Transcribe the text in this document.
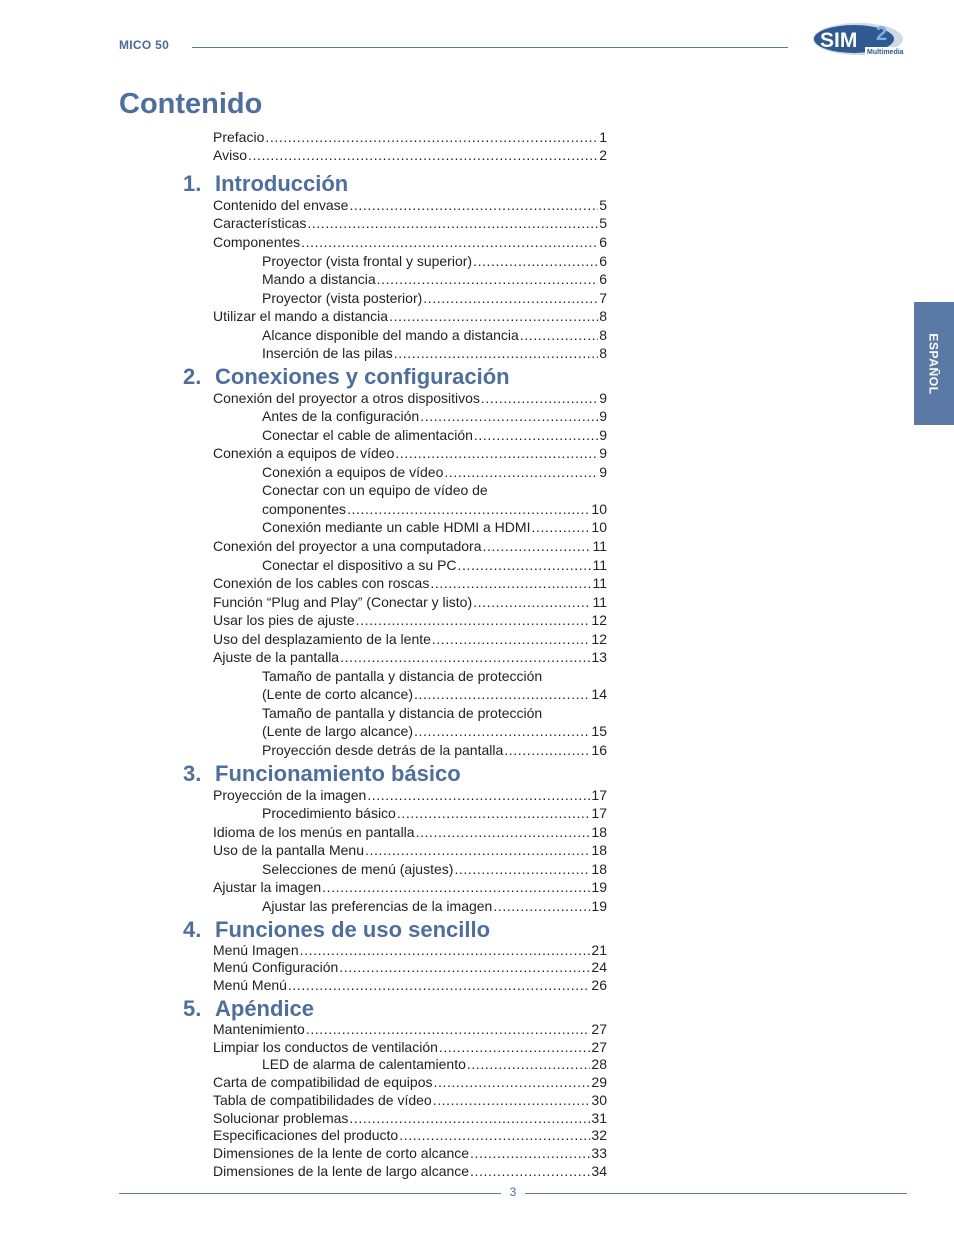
MICO 50	SIM 2
Multimedia
Contenido
ESPAÑOL
Prefacio .....	1
Aviso .....	2
1. Introducción
Contenido del envase .....	5
Características .....	5
Componentes .....	6
Proyector (vista frontal y superior) .....	6
Mando a distancia .....	6
Proyector (vista posterior) .....	7
Utilizar el mando a distancia .....	8
Alcance disponible del mando a distancia .....	8
Inserción de las pilas .....	8
2. Conexiones y configuración
Conexión del proyector a otros dispositivos .....	9
Antes de la configuración .....	9
Conectar el cable de alimentación .....	9
Conexión a equipos de vídeo .....	9
Conexión a equipos de vídeo .....	9
Conectar con un equipo de vídeo de
componentes .....	10
Conexión mediante un cable HDMI a HDMI .....	10
Conexión del proyector a una computadora .....	11
Conectar el dispositivo a su PC .....	11
Conexión de los cables con roscas .....	11
Función “Plug and Play” (Conectar y listo) .....	11
Usar los pies de ajuste .....	12
Uso del desplazamiento de la lente .....	12
Ajuste de la pantalla .....	13
Tamaño de pantalla y distancia de protección
(Lente de corto alcance) .....	14
Tamaño de pantalla y distancia de protección
(Lente de largo alcance) .....	15
Proyección desde detrás de la pantalla .....	16
3. Funcionamiento básico
Proyección de la imagen .....	17
Procedimiento básico .....	17
Idioma de los menús en pantalla .....	18
Uso de la pantalla Menu .....	18
Selecciones de menú (ajustes) .....	18
Ajustar la imagen .....	19
Ajustar las preferencias de la imagen .....	19
4. Funciones de uso sencillo
Menú Imagen .....	21
Menú Configuración .....	24
Menú Menú .....	26
5. Apéndice
Mantenimiento .....	27
Limpiar los conductos de ventilación .....	27
LED de alarma de calentamiento .....	28
Carta de compatibilidad de equipos .....	29
Tabla de compatibilidades de vídeo .....	30
Solucionar problemas .....	31
Especificaciones del producto .....	32
Dimensiones de la lente de corto alcance .....	33
Dimensiones de la lente de largo alcance .....	34
3
